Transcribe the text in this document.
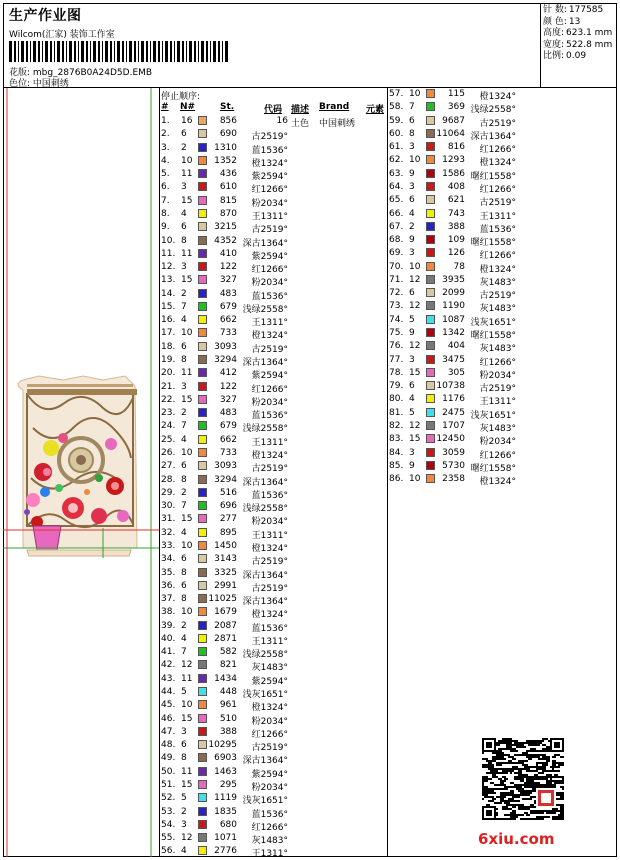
生产作业图
Wilcom(汇家) 装饰工作室
花版: mbg_2876B0A24D5D.EMB
色位: 中国刺绣
针 数: 177585
颜 色: 13
高度: 623.1 mm
宽度: 522.8 mm
比例: 0.09
停止顺序:
# N#	St.	代码 描述 Brand 元素
1. 16	856	16 土色 中国刺绣
2. 6	690	古2519°
3. 2	1310	蓝1536°
4. 10	1352	橙1324°
5. 11	436	紫2594°
6. 3	610	红1266°
7. 15	815	粉2034°
8. 4	870	王1311°
9. 6	3215	古2519°
10. 8	4352 深古1364°
11. 11	410	紫2594°
12. 3	122	红1266°
13. 15	327	粉2034°
14. 2	483	蓝1536°
15. 7	679 浅绿2558°
16. 4	662	王1311°
17. 10	733	橙1324°
18. 6	3093	古2519°
19. 8	3294 深古1364°
20. 11	412	紫2594°
21. 3	122	红1266°
22. 15	327	粉2034°
23. 2	483	蓝1536°
24. 7	679 浅绿2558°
25. 4	662	王1311°
26. 10	733	橙1324°
27. 6	3093	古2519°
28. 8	3294 深古1364°
29. 2	516	蓝1536°
30. 7	696 浅绿2558°
31. 15	277	粉2034°
32. 4	895	王1311°
33. 10	1450	橙1324°
34. 6	3143	古2519°
35. 8	3325 深古1364°
36. 6	2991	古2519°
37. 8	11025 深古1364°
38. 10	1679	橙1324°
39. 2	2087	蓝1536°
40. 4	2871	王1311°
41. 7	582 浅绿2558°
42. 12	821	灰1483°
43. 11	1434	紫2594°
44. 5	448 浅灰1651°
45. 10	961	橙1324°
46. 15	510	粉2034°
47. 3	388	红1266°
48. 6	10295	古2519°
49. 8	6903 深古1364°
50. 11	1463	紫2594°
51. 15	295	粉2034°
52. 5	1119 浅灰1651°
53. 2	1835	蓝1536°
54. 3	680	红1266°
55. 12	1071	灰1483°
56. 4	2776	王1311°
57. 10	115	橙1324°
58. 7	369 浅绿2558°
59. 6	9687	古2519°
60. 8	11064 深古1364°
61. 3	816	红1266°
62. 10	1293	橙1324°
63. 9	1586 曙红1558°
64. 3	408	红1266°
65. 6	621	古2519°
66. 4	743	王1311°
67. 2	388	蓝1536°
68. 9	109 曙红1558°
69. 3	126	红1266°
70. 10	78	橙1324°
71. 12	3935	灰1483°
72. 6	2099	古2519°
73. 12	1190	灰1483°
74. 5	1087 浅灰1651°
75. 9	1342 曙红1558°
76. 12	404	灰1483°
77. 3	3475	红1266°
78. 15	305	粉2034°
79. 6	10738	古2519°
80. 4	1176	王1311°
81. 5	2475 浅灰1651°
82. 12	1707	灰1483°
83. 15	12450	粉2034°
84. 3	3059	红1266°
85. 9	5730 曙红1558°
86. 10	2358	橙1324°
6xiu.com
